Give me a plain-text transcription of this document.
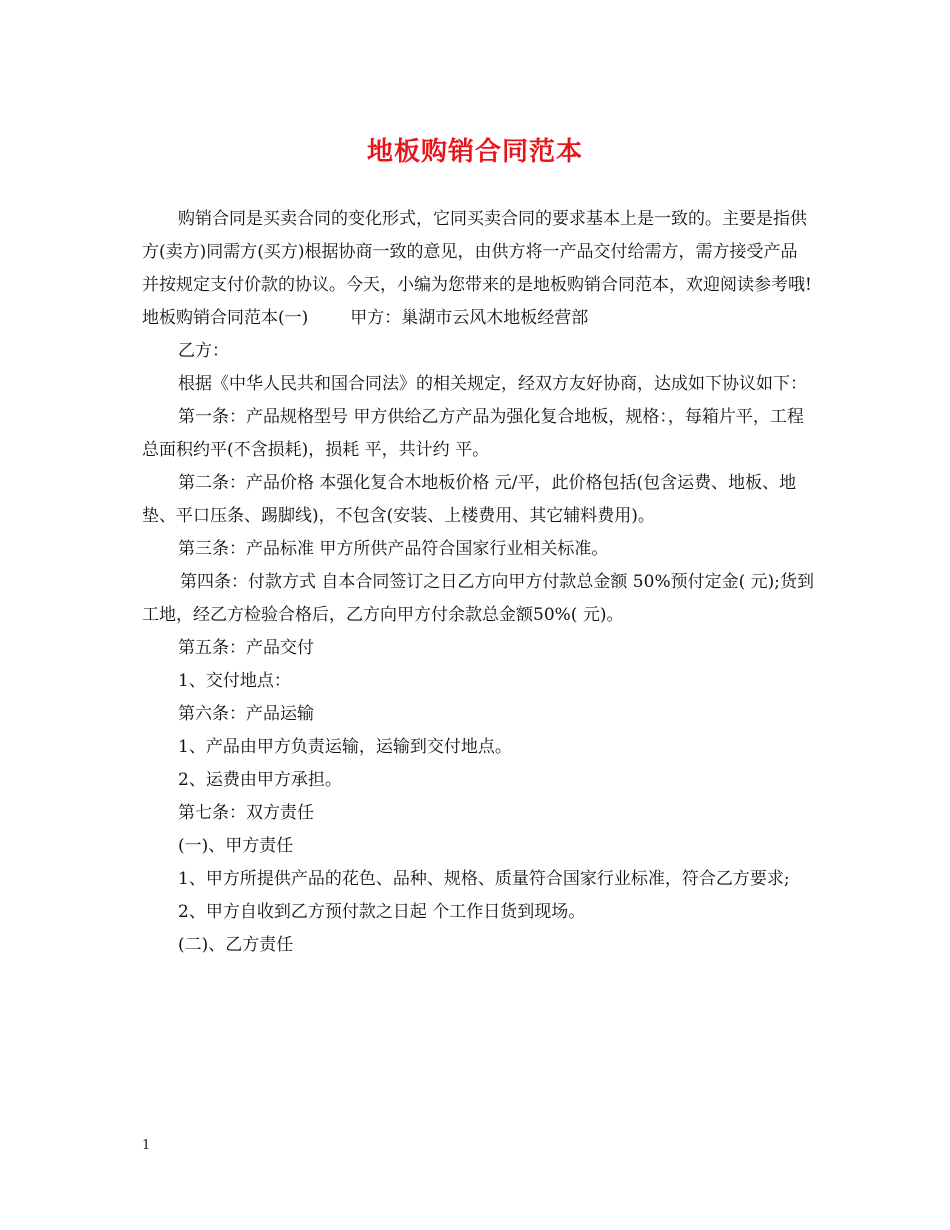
地板购销合同范本

购销合同是买卖合同的变化形式，它同买卖合同的要求基本上是一致的。主要是指供方(卖方)同需方(买方)根据协商一致的意见，由供方将一产品交付给需方，需方接受产品并按规定支付价款的协议。今天，小编为您带来的是地板购销合同范本，欢迎阅读参考哦!

地板购销合同范本(一) 甲方：巢湖市云风木地板经营部

乙方：

根据《中华人民共和国合同法》的相关规定，经双方友好协商，达成如下协议如下：

第一条：产品规格型号 甲方供给乙方产品为强化复合地板，规格：，每箱片平，工程总面积约平(不含损耗)，损耗 平，共计约 平。

第二条：产品价格 本强化复合木地板价格 元/平，此价格包括(包含运费、地板、地垫、平口压条、踢脚线)，不包含(安装、上楼费用、其它辅料费用)。

第三条：产品标准 甲方所供产品符合国家行业相关标准。

第四条：付款方式 自本合同签订之日乙方向甲方付款总金额 50%预付定金( 元);货到工地，经乙方检验合格后，乙方向甲方付余款总金额50%( 元)。

第五条：产品交付

1、交付地点：

第六条：产品运输

1、产品由甲方负责运输，运输到交付地点。

2、运费由甲方承担。

第七条：双方责任

(一)、甲方责任

1、甲方所提供产品的花色、品种、规格、质量符合国家行业标准，符合乙方要求;

2、甲方自收到乙方预付款之日起 个工作日货到现场。

(二)、乙方责任

1
